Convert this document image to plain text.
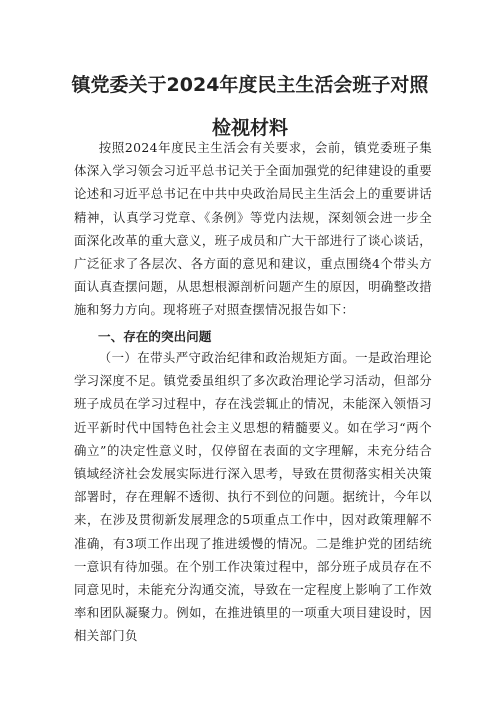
镇党委关于2024年度民主生活会班子对照
检视材料

按照2024年度民主生活会有关要求，会前，镇党委班子集体深入学习领会习近平总书记关于全面加强党的纪律建设的重要论述和习近平总书记在中共中央政治局民主生活会上的重要讲话精神，认真学习党章、《条例》等党内法规，深刻领会进一步全面深化改革的重大意义，班子成员和广大干部进行了谈心谈话，广泛征求了各层次、各方面的意见和建议，重点围绕4个带头方面认真查摆问题，从思想根源剖析问题产生的原因，明确整改措施和努力方向。现将班子对照查摆情况报告如下：

一、存在的突出问题

（一）在带头严守政治纪律和政治规矩方面。一是政治理论学习深度不足。镇党委虽组织了多次政治理论学习活动，但部分班子成员在学习过程中，存在浅尝辄止的情况，未能深入领悟习近平新时代中国特色社会主义思想的精髓要义。如在学习“两个确立”的决定性意义时，仅停留在表面的文字理解，未充分结合镇域经济社会发展实际进行深入思考，导致在贯彻落实相关决策部署时，存在理解不透彻、执行不到位的问题。据统计，今年以来，在涉及贯彻新发展理念的5项重点工作中，因对政策理解不准确，有3项工作出现了推进缓慢的情况。二是维护党的团结统一意识有待加强。在个别工作决策过程中，部分班子成员存在不同意见时，未能充分沟通交流，导致在一定程度上影响了工作效率和团队凝聚力。例如，在推进镇里的一项重大项目建设时，因相关部门负
